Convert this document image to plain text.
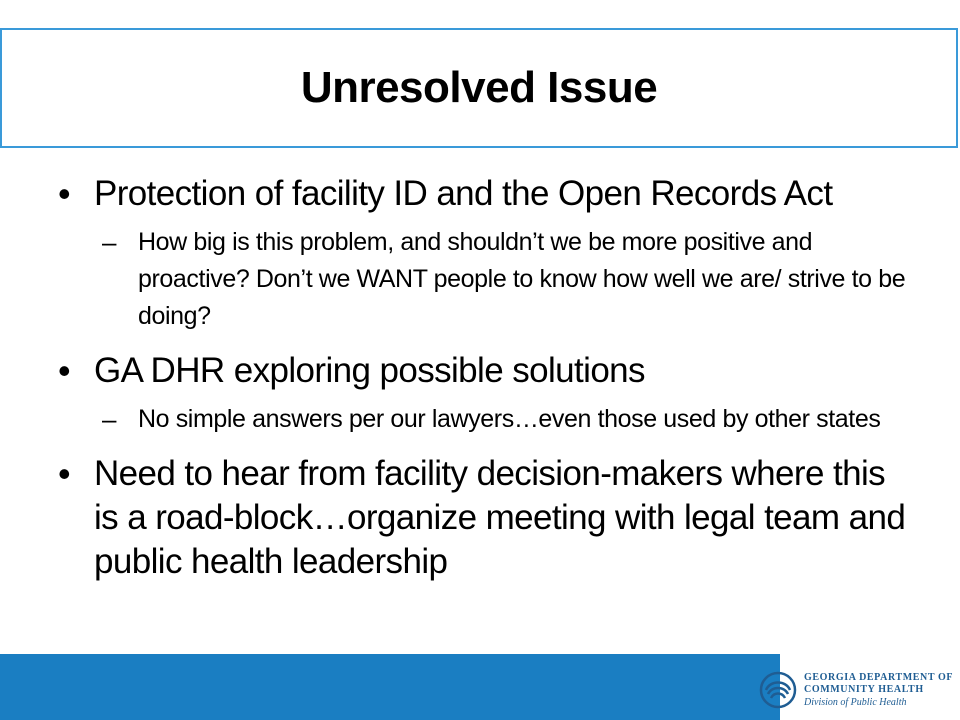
Unresolved Issue
• Protection of facility ID and the Open Records Act
– How big is this problem, and shouldn’t we be more positive and proactive? Don’t we WANT people to know how well we are/ strive to be doing?
• GA DHR exploring possible solutions
– No simple answers per our lawyers…even those used by other states
• Need to hear from facility decision-makers where this is a road-block…organize meeting with legal team and public health leadership
GEORGIA DEPARTMENT OF
COMMUNITY HEALTH
Division of Public Health
